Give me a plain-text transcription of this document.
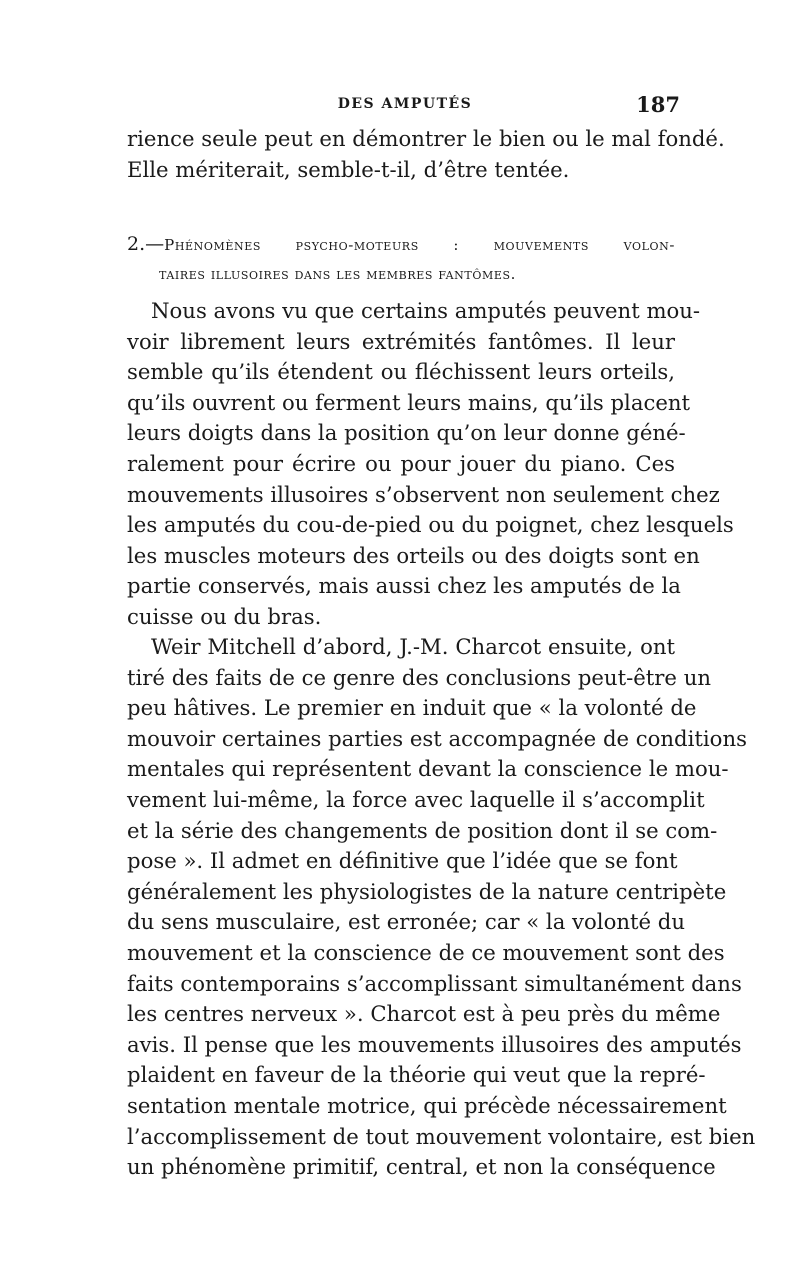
DES AMPUTÉS	187
rience seule peut en démontrer le bien ou le mal fondé.
Elle mériterait, semble-t-il, d’être tentée.
2.—Phénomènes psycho-moteurs : mouvements volon-
taires illusoires dans les membres fantômes.
Nous avons vu que certains amputés peuvent mou-
voir librement leurs extrémités fantômes. Il leur
semble qu’ils étendent ou fléchissent leurs orteils,
qu’ils ouvrent ou ferment leurs mains, qu’ils placent
leurs doigts dans la position qu’on leur donne géné-
ralement pour écrire ou pour jouer du piano. Ces
mouvements illusoires s’observent non seulement chez
les amputés du cou-de-pied ou du poignet, chez lesquels
les muscles moteurs des orteils ou des doigts sont en
partie conservés, mais aussi chez les amputés de la
cuisse ou du bras.
Weir Mitchell d’abord, J.-M. Charcot ensuite, ont
tiré des faits de ce genre des conclusions peut-être un
peu hâtives. Le premier en induit que « la volonté de
mouvoir certaines parties est accompagnée de conditions
mentales qui représentent devant la conscience le mou-
vement lui-même, la force avec laquelle il s’accomplit
et la série des changements de position dont il se com-
pose ». Il admet en définitive que l’idée que se font
généralement les physiologistes de la nature centripète
du sens musculaire, est erronée; car « la volonté du
mouvement et la conscience de ce mouvement sont des
faits contemporains s’accomplissant simultanément dans
les centres nerveux ». Charcot est à peu près du même
avis. Il pense que les mouvements illusoires des amputés
plaident en faveur de la théorie qui veut que la repré-
sentation mentale motrice, qui précède nécessairement
l’accomplissement de tout mouvement volontaire, est bien
un phénomène primitif, central, et non la conséquence
